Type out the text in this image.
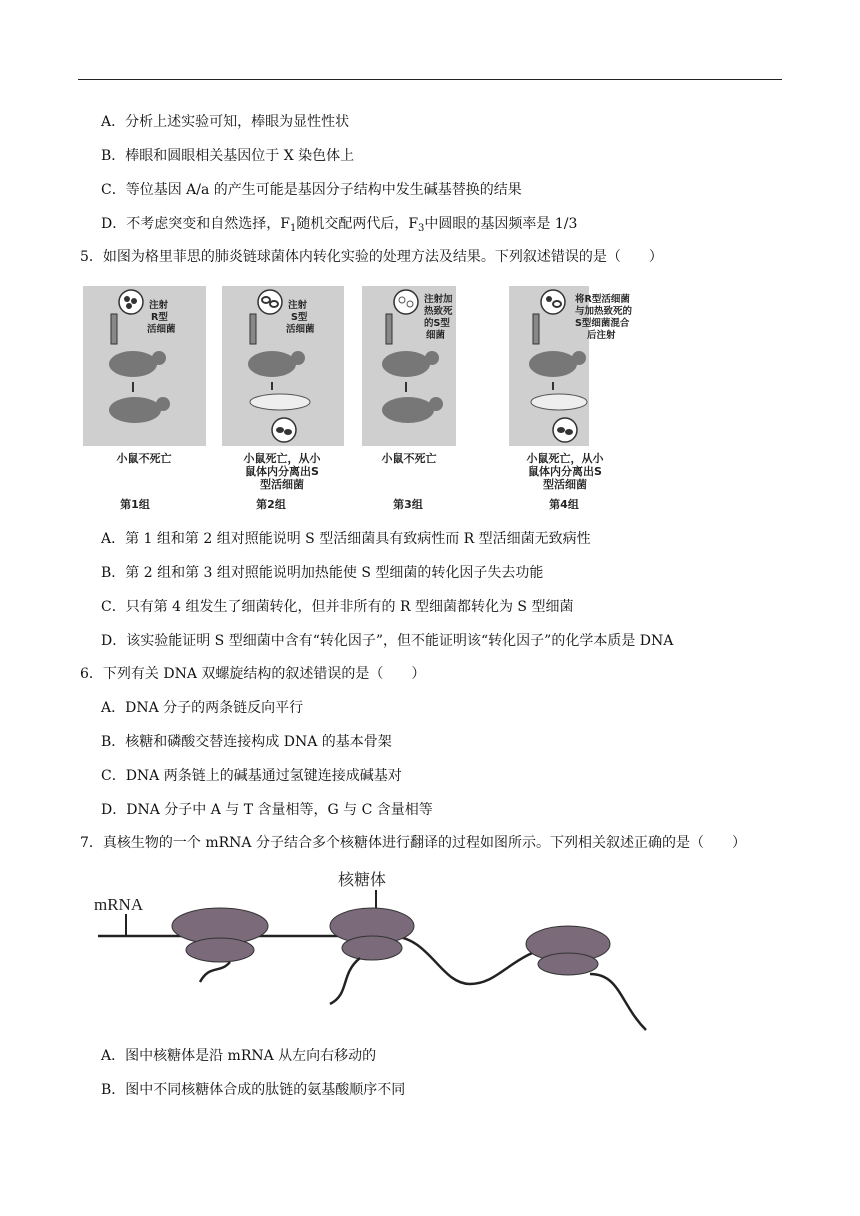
A．分析上述实验可知，棒眼为显性性状
B．棒眼和圆眼相关基因位于 X 染色体上
C．等位基因 A/a 的产生可能是基因分子结构中发生碱基替换的结果
D．不考虑突变和自然选择，$F_1$随机交配两代后，$F_3$中圆眼的基因频率是 1/3
5．如图为格里菲思的肺炎链球菌体内转化实验的处理方法及结果。下列叙述错误的是（　　）
注射
R型
活细菌
注射
S型
活细菌
注射加
热致死
的S型
细菌
将R型活细菌
与加热致死的
S型细菌混合
后注射
小鼠不死亡	小鼠死亡，从小
鼠体内分离出S
型活细菌
小鼠不死亡	小鼠死亡，从小
鼠体内分离出S
型活细菌
第1组	第2组	第3组	第4组
A．第 1 组和第 2 组对照能说明 S 型活细菌具有致病性而 R 型活细菌无致病性
B．第 2 组和第 3 组对照能说明加热能使 S 型细菌的转化因子失去功能
C．只有第 4 组发生了细菌转化，但并非所有的 R 型细菌都转化为 S 型细菌
D．该实验能证明 S 型细菌中含有“转化因子”，但不能证明该“转化因子”的化学本质是 DNA
6．下列有关 DNA 双螺旋结构的叙述错误的是（　　）
A．DNA 分子的两条链反向平行
B．核糖和磷酸交替连接构成 DNA 的基本骨架
C．DNA 两条链上的碱基通过氢键连接成碱基对
D．DNA 分子中 A 与 T 含量相等，G 与 C 含量相等
7．真核生物的一个 mRNA 分子结合多个核糖体进行翻译的过程如图所示。下列相关叙述正确的是（　　）
mRNA
核糖体
A．图中核糖体是沿 mRNA 从左向右移动的
B．图中不同核糖体合成的肽链的氨基酸顺序不同
